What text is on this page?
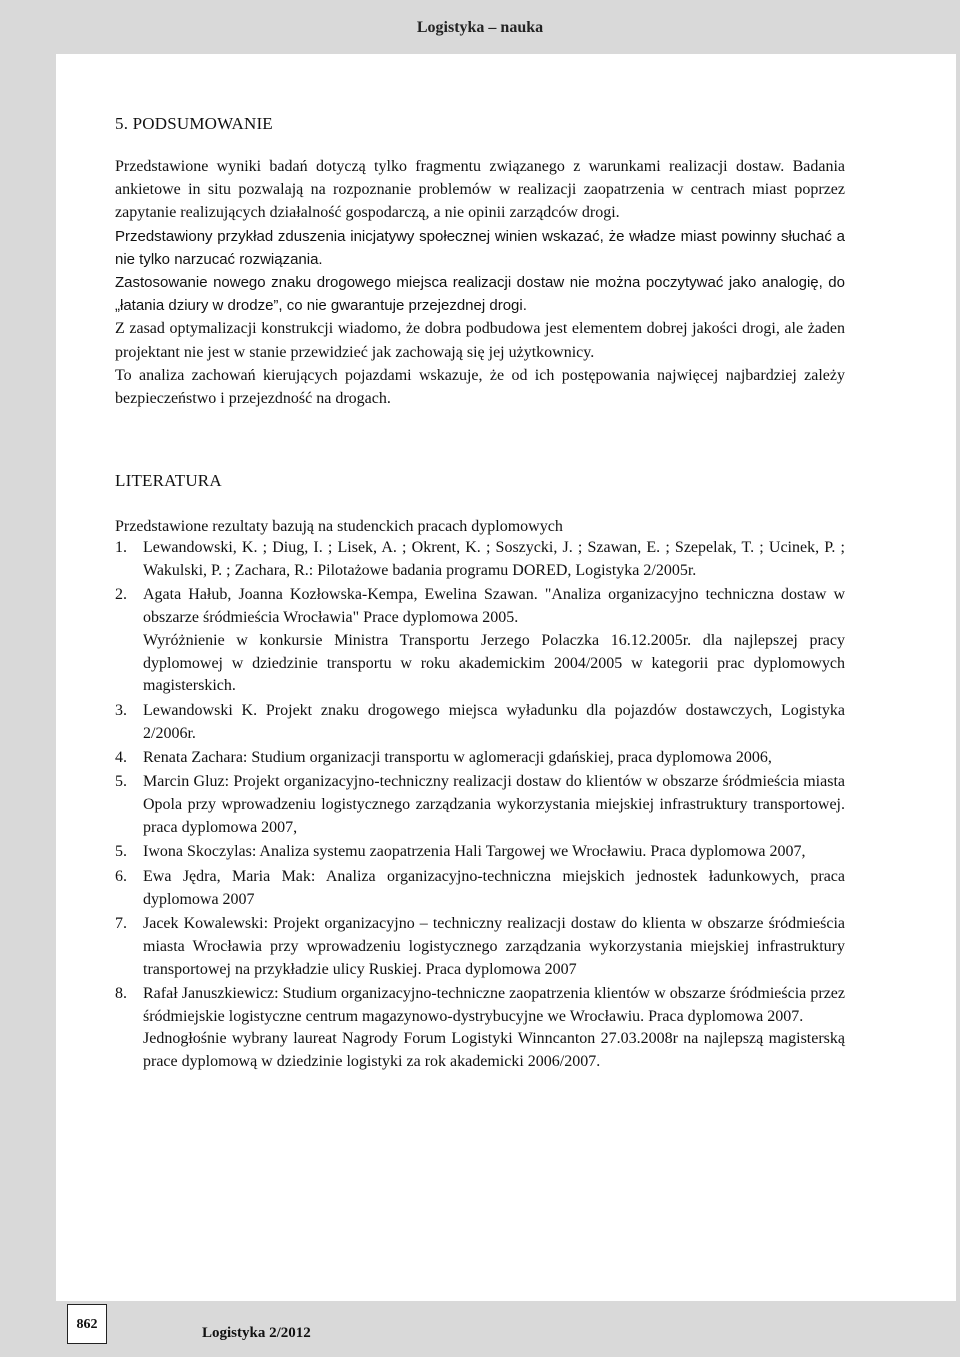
Logistyka – nauka
5. PODSUMOWANIE

Przedstawione wyniki badań dotyczą tylko fragmentu związanego z warunkami realizacji dostaw. Badania ankietowe in situ pozwalają na rozpoznanie problemów w realizacji zaopatrzenia w centrach miast poprzez zapytanie realizujących działalność gospodarczą, a nie opinii zarządców drogi.

Przedstawiony przykład zduszenia inicjatywy społecznej winien wskazać, że władze miast powinny słuchać a nie tylko narzucać rozwiązania.

Zastosowanie nowego znaku drogowego miejsca realizacji dostaw nie można poczytywać jako analogię, do „łatania dziury w drodze”, co nie gwarantuje przejezdnej drogi.

Z zasad optymalizacji konstrukcji wiadomo, że dobra podbudowa jest elementem dobrej jakości drogi, ale żaden projektant nie jest w stanie przewidzieć jak zachowają się jej użytkownicy.

To analiza zachowań kierujących pojazdami wskazuje, że od ich postępowania najwięcej najbardziej zależy bezpieczeństwo i przejezdność na drogach.

LITERATURA
Przedstawione rezultaty bazują na studenckich pracach dyplomowych
1. Lewandowski, K. ; Diug, I. ; Lisek, A. ; Okrent, K. ; Soszycki, J. ; Szawan, E. ; Szepelak, T. ; Ucinek, P. ; Wakulski, P. ; Zachara, R.: Pilotażowe badania programu DORED, Logistyka 2/2005r.
2. Agata Hałub, Joanna Kozłowska-Kempa, Ewelina Szawan. "Analiza organizacyjno techniczna dostaw w obszarze śródmieścia Wrocławia" Prace dyplomowa 2005.
Wyróżnienie w konkursie Ministra Transportu Jerzego Polaczka 16.12.2005r. dla najlepszej pracy dyplomowej w dziedzinie transportu w roku akademickim 2004/2005 w kategorii prac dyplomowych magisterskich.
3. Lewandowski K. Projekt znaku drogowego miejsca wyładunku dla pojazdów dostawczych, Logistyka 2/2006r.
4. Renata Zachara: Studium organizacji transportu w aglomeracji gdańskiej, praca dyplomowa 2006,
5. Marcin Gluz: Projekt organizacyjno-techniczny realizacji dostaw do klientów w obszarze śródmieścia miasta Opola przy wprowadzeniu logistycznego zarządzania wykorzystania miejskiej infrastruktury transportowej. praca dyplomowa 2007,
5. Iwona Skoczylas: Analiza systemu zaopatrzenia Hali Targowej we Wrocławiu. Praca dyplomowa 2007,
6. Ewa Jędra, Maria Mak: Analiza organizacyjno-techniczna miejskich jednostek ładunkowych, praca dyplomowa 2007
7. Jacek Kowalewski: Projekt organizacyjno – techniczny realizacji dostaw do klienta w obszarze śródmieścia miasta Wrocławia przy wprowadzeniu logistycznego zarządzania wykorzystania miejskiej infrastruktury transportowej na przykładzie ulicy Ruskiej. Praca dyplomowa 2007
8. Rafał Januszkiewicz: Studium organizacyjno-techniczne zaopatrzenia klientów w obszarze śródmieścia przez śródmiejskie logistyczne centrum magazynowo-dystrybucyjne we Wrocławiu. Praca dyplomowa 2007.
Jednogłośnie wybrany laureat Nagrody Forum Logistyki Winncanton 27.03.2008r na najlepszą magisterską prace dyplomową w dziedzinie logistyki za rok akademicki 2006/2007.
862
Logistyka 2/2012
